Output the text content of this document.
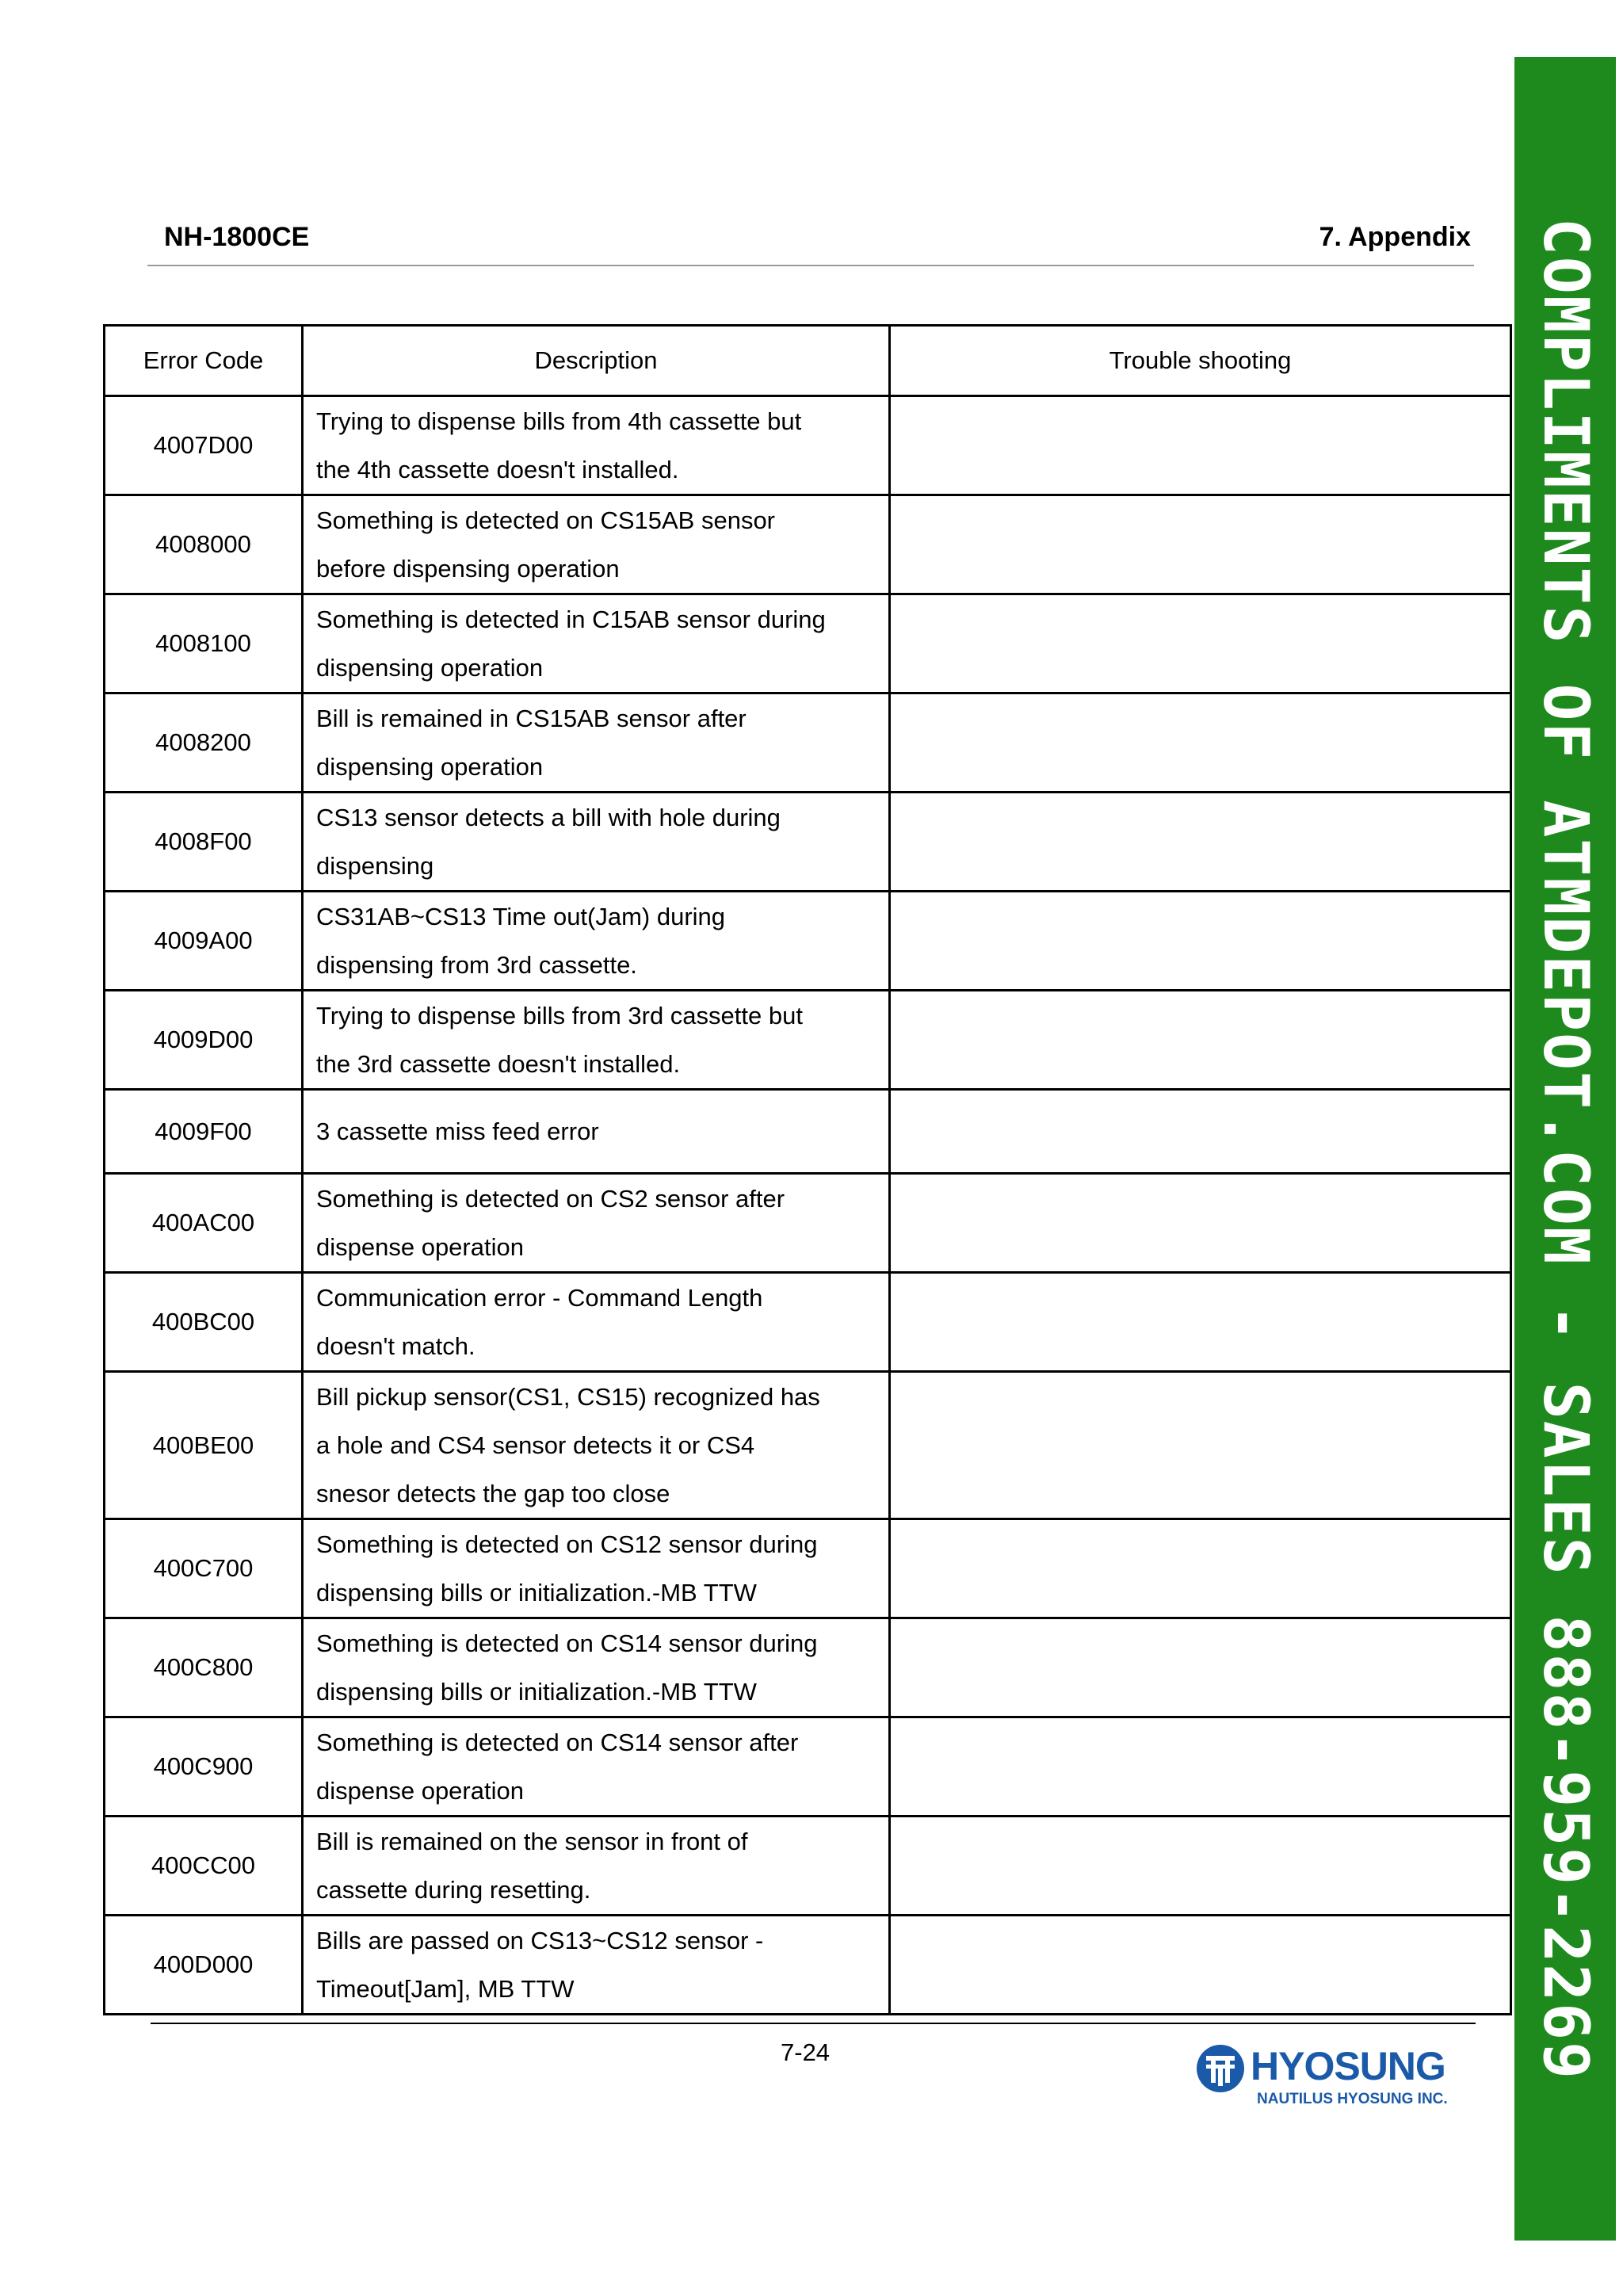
NH-1800CE	7. Appendix
Error Code	Description	Trouble shooting
4007D00	Trying to dispense bills from 4th cassette but
the 4th cassette doesn't installed.	

4008000	Something is detected on CS15AB sensor
before dispensing operation	

4008100	Something is detected in C15AB sensor during
dispensing operation	

4008200	Bill is remained in CS15AB sensor after
dispensing operation	

4008F00	CS13 sensor detects a bill with hole during
dispensing	

4009A00	CS31AB~CS13 Time out(Jam) during
dispensing from 3rd cassette.	

4009D00	Trying to dispense bills from 3rd cassette but
the 3rd cassette doesn't installed.	

4009F00	3 cassette miss feed error	

400AC00	Something is detected on CS2 sensor after
dispense operation	

400BC00	Communication error - Command Length
doesn't match.	

400BE00	Bill pickup sensor(CS1, CS15) recognized has
a hole and CS4 sensor detects it or CS4
snesor detects the gap too close	

400C700	Something is detected on CS12 sensor during
dispensing bills or initialization.-MB TTW	

400C800	Something is detected on CS14 sensor during
dispensing bills or initialization.-MB TTW	

400C900	Something is detected on CS14 sensor after
dispense operation	

400CC00	Bill is remained on the sensor in front of
cassette during resetting.	

400D000	Bills are passed on CS13~CS12 sensor -
Timeout[Jam], MB TTW	

7-24	HYOSUNG
NAUTILUS HYOSUNG INC.
COMPLIMENTS OF ATMDEPOT.COM - SALES 888-959-2269
